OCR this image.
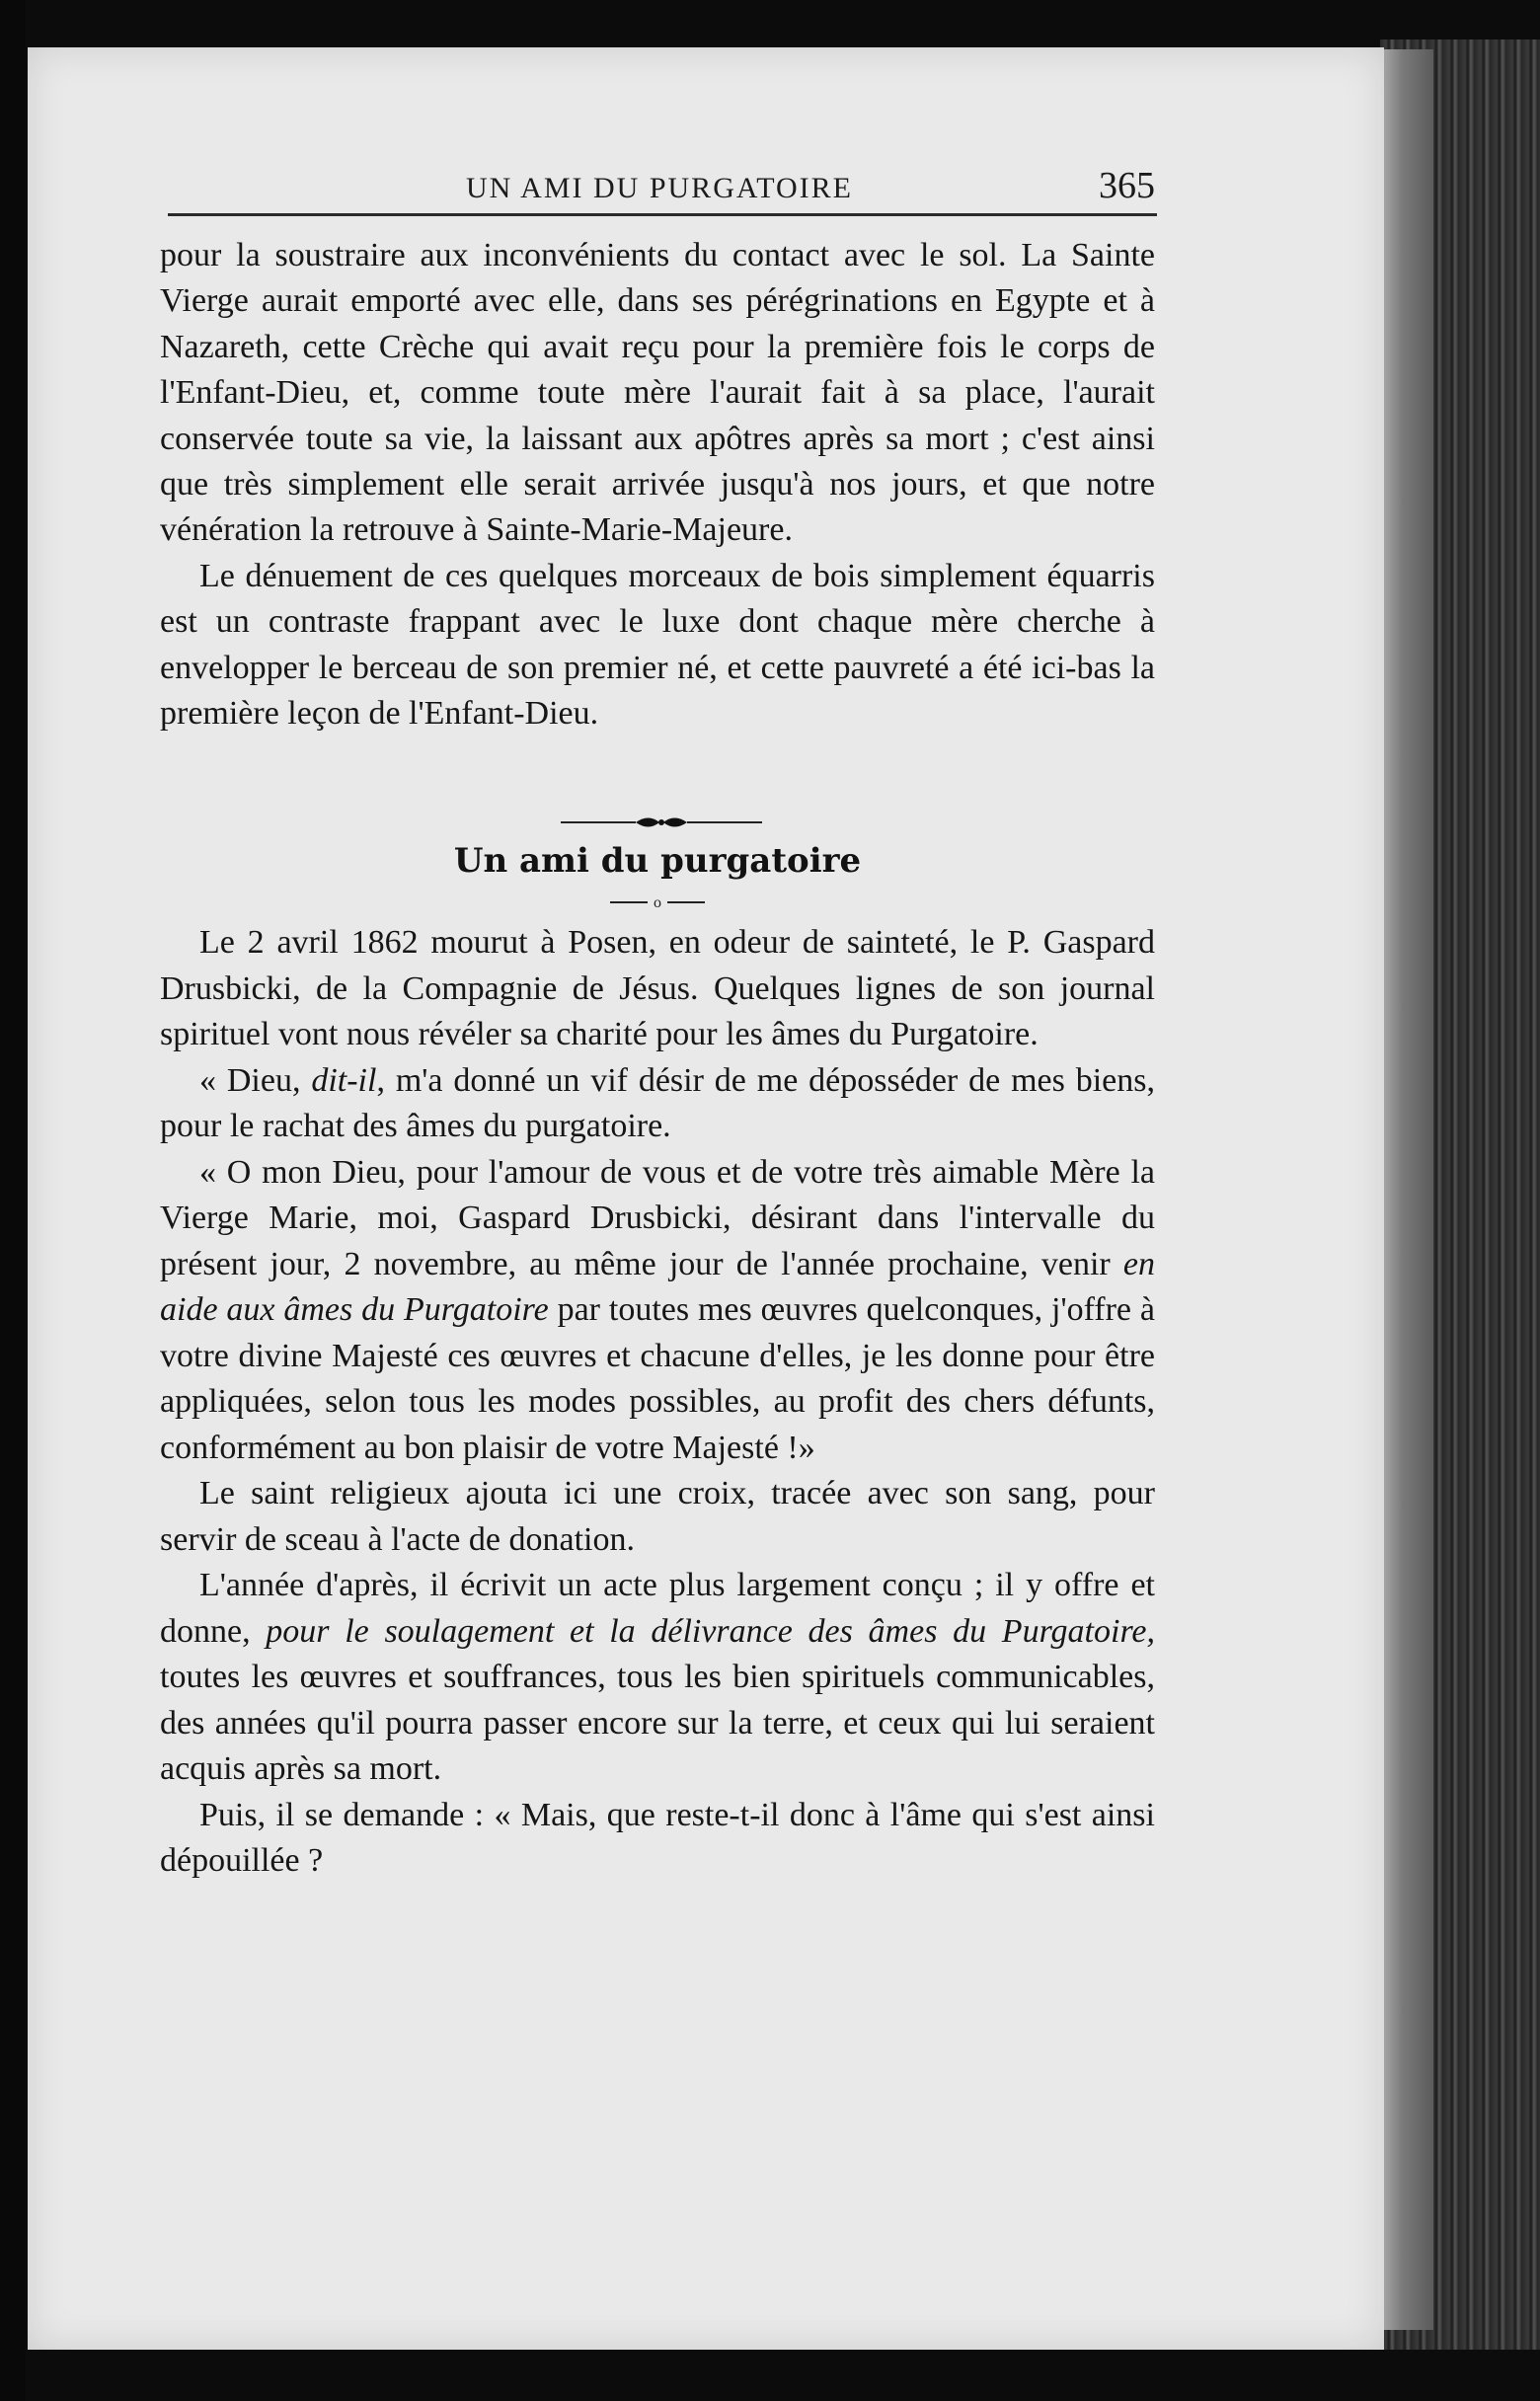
UN AMI DU PURGATOIRE	365

pour la soustraire aux inconvénients du contact avec le sol. La Sainte Vierge aurait emporté avec elle, dans ses pérégrinations en Egypte et à Nazareth, cette Crèche qui avait reçu pour la première fois le corps de l'Enfant-Dieu, et, comme toute mère l'aurait fait à sa place, l'aurait conservée toute sa vie, la laissant aux apôtres après sa mort ; c'est ainsi que très simplement elle serait arrivée jusqu'à nos jours, et que notre vénération la retrouve à Sainte-Marie-Majeure.

Le dénuement de ces quelques morceaux de bois simplement équarris est un contraste frappant avec le luxe dont chaque mère cherche à envelopper le berceau de son premier né, et cette pauvreté a été ici-bas la première leçon de l'Enfant-Dieu.

Un ami du purgatoire
o

Le 2 avril 1862 mourut à Posen, en odeur de sainteté, le P. Gaspard Drusbicki, de la Compagnie de Jésus. Quelques lignes de son journal spirituel vont nous révéler sa charité pour les âmes du Purgatoire.

« Dieu, dit-il, m'a donné un vif désir de me déposséder de mes biens, pour le rachat des âmes du purgatoire.

« O mon Dieu, pour l'amour de vous et de votre très aimable Mère la Vierge Marie, moi, Gaspard Drusbicki, désirant dans l'intervalle du présent jour, 2 novembre, au même jour de l'année prochaine, venir en aide aux âmes du Purgatoire par toutes mes œuvres quelconques, j'offre à votre divine Majesté ces œuvres et chacune d'elles, je les donne pour être appliquées, selon tous les modes possibles, au profit des chers défunts, conformément au bon plaisir de votre Majesté !»

Le saint religieux ajouta ici une croix, tracée avec son sang, pour servir de sceau à l'acte de donation.

L'année d'après, il écrivit un acte plus largement conçu ; il y offre et donne, pour le soulagement et la délivrance des âmes du Purgatoire, toutes les œuvres et souffrances, tous les bien spirituels communicables, des années qu'il pourra passer encore sur la terre, et ceux qui lui seraient acquis après sa mort.

Puis, il se demande : « Mais, que reste-t-il donc à l'âme qui s'est ainsi dépouillée ?
